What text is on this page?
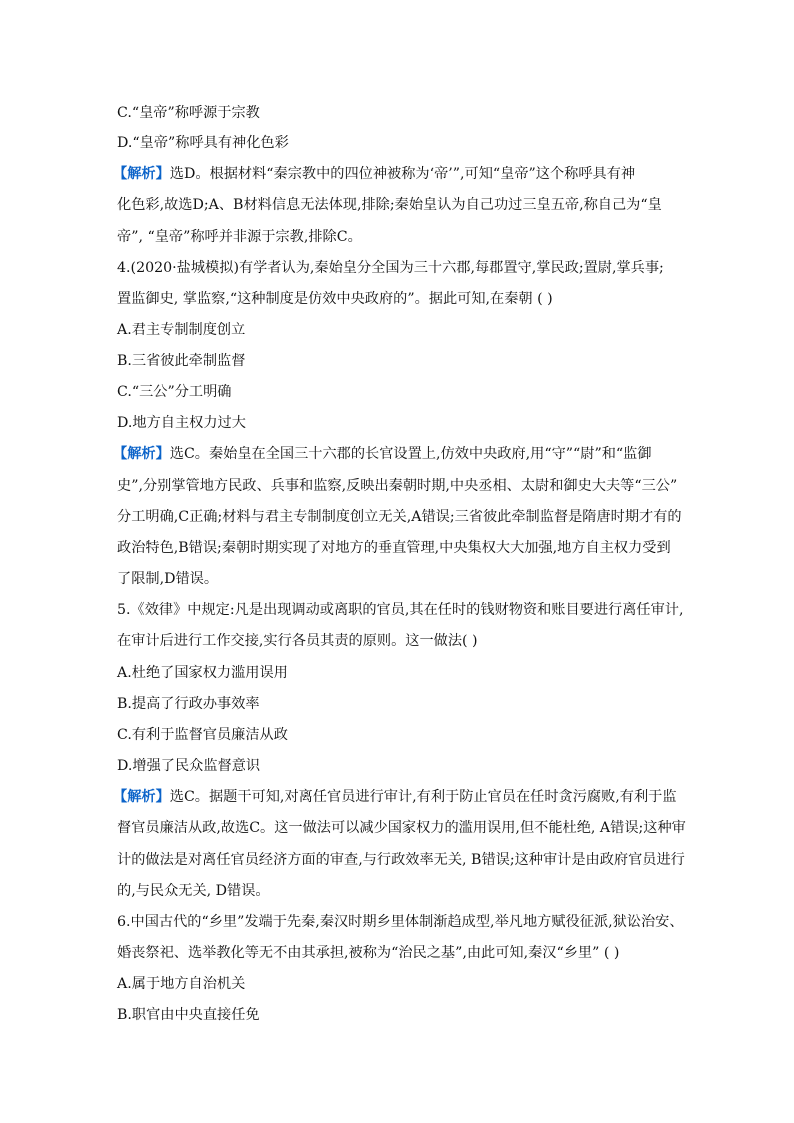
C.“皇帝”称呼源于宗教
D.“皇帝”称呼具有神化色彩
【解析】选D。根据材料“秦宗教中的四位神被称为‘帝’”,可知“皇帝”这个称呼具有神
化色彩,故选D;A、B材料信息无法体现,排除;秦始皇认为自己功过三皇五帝,称自己为“皇
帝”, “皇帝”称呼并非源于宗教,排除C。
4.(2020·盐城模拟)有学者认为,秦始皇分全国为三十六郡,每郡置守,掌民政;置尉,掌兵事;
置监御史, 掌监察,“这种制度是仿效中央政府的”。据此可知,在秦朝 ( )
A.君主专制制度创立
B.三省彼此牵制监督
C.“三公”分工明确
D.地方自主权力过大
【解析】选C。秦始皇在全国三十六郡的长官设置上,仿效中央政府,用“守”“尉”和“监御
史”,分别掌管地方民政、兵事和监察,反映出秦朝时期,中央丞相、太尉和御史大夫等“三公”
分工明确,C正确;材料与君主专制制度创立无关,A错误;三省彼此牵制监督是隋唐时期才有的
政治特色,B错误;秦朝时期实现了对地方的垂直管理,中央集权大大加强,地方自主权力受到
了限制,D错误。
5.《效律》中规定:凡是出现调动或离职的官员,其在任时的钱财物资和账目要进行离任审计,
在审计后进行工作交接,实行各员其责的原则。这一做法( )
A.杜绝了国家权力滥用误用
B.提高了行政办事效率
C.有利于监督官员廉洁从政
D.增强了民众监督意识
【解析】选C。据题干可知,对离任官员进行审计,有利于防止官员在任时贪污腐败,有利于监
督官员廉洁从政,故选C。这一做法可以减少国家权力的滥用误用,但不能杜绝, A错误;这种审
计的做法是对离任官员经济方面的审查,与行政效率无关, B错误;这种审计是由政府官员进行
的,与民众无关, D错误。
6.中国古代的“乡里”发端于先秦,秦汉时期乡里体制渐趋成型,举凡地方赋役征派,狱讼治安、
婚丧祭祀、选举教化等无不由其承担,被称为“治民之基”,由此可知,秦汉“乡里” ( )
A.属于地方自治机关
B.职官由中央直接任免
